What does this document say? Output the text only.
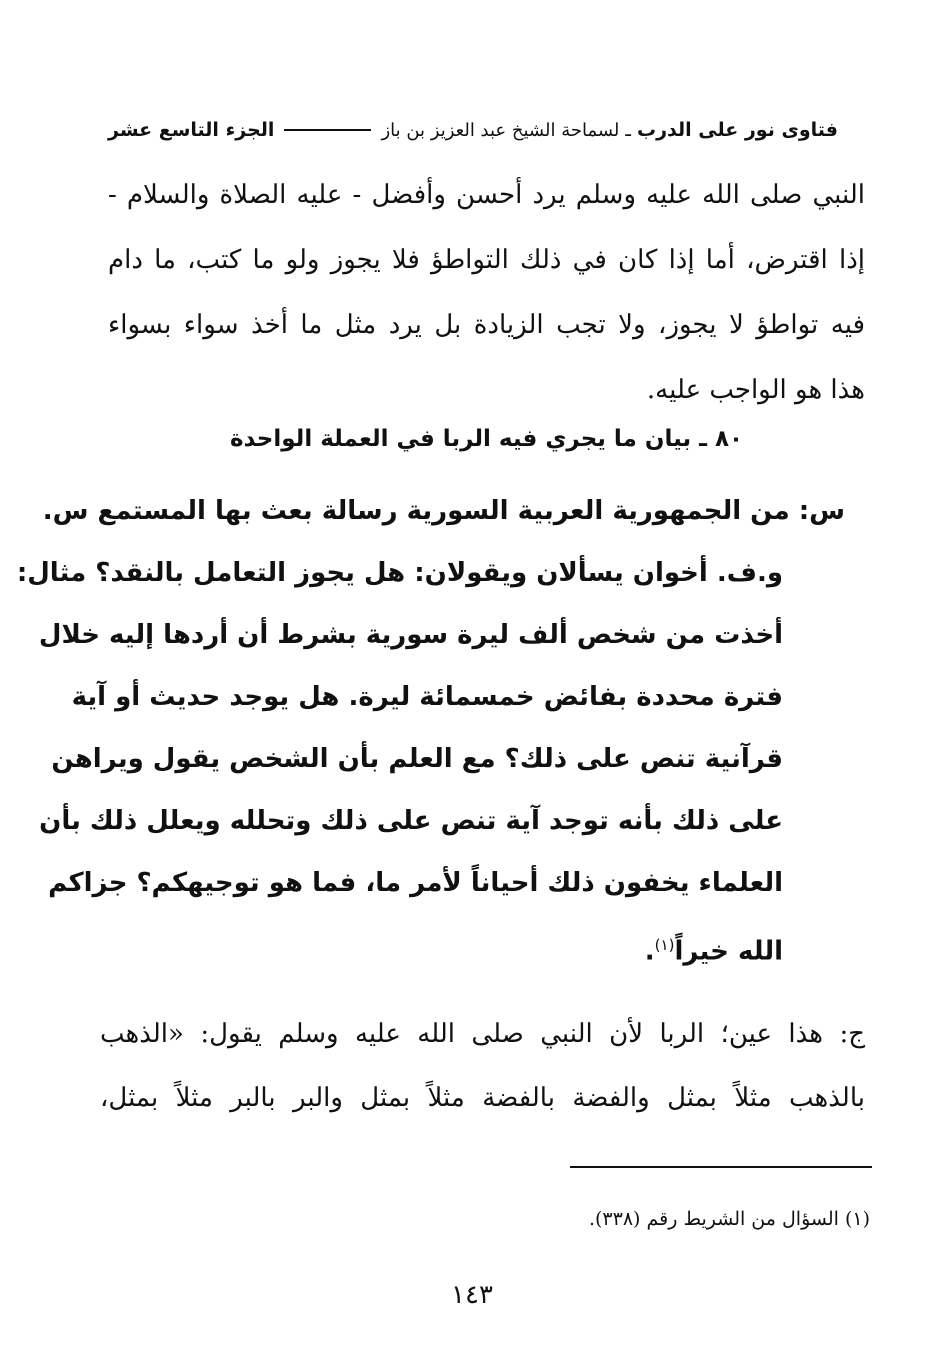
فتاوى نور على الدرب
ـ
لسماحة الشيخ عبد العزيز بن باز
الجزء التاسع عشر
النبي صلى الله عليه وسلم يرد أحسن وأفضل - عليه الصلاة والسلام -
إذا اقترض، أما إذا كان في ذلك التواطؤ فلا يجوز ولو ما كتب، ما دام
فيه تواطؤ لا يجوز، ولا تجب الزيادة بل يرد مثل ما أخذ سواء بسواء
هذا هو الواجب عليه.
٨٠ ـ بيان ما يجري فيه الربا في العملة الواحدة
س: من الجمهورية العربية السورية رسالة بعث بها المستمع س.
و.ف. أخوان يسألان ويقولان: هل يجوز التعامل بالنقد؟ مثال:
أخذت من شخص ألف ليرة سورية بشرط أن أردها إليه خلال
فترة محددة بفائض خمسمائة ليرة. هل يوجد حديث أو آية
قرآنية تنص على ذلك؟ مع العلم بأن الشخص يقول ويراهن
على ذلك بأنه توجد آية تنص على ذلك وتحلله ويعلل ذلك بأن
العلماء يخفون ذلك أحياناً لأمر ما، فما هو توجيهكم؟ جزاكم
الله خيراً$^{(١)}$.
ج: هذا عين؛ الربا لأن النبي صلى الله عليه وسلم يقول: «الذهب
بالذهب مثلاً بمثل والفضة بالفضة مثلاً بمثل والبر بالبر مثلاً بمثل،
(١) السؤال من الشريط رقم (٣٣٨).
١٤٣
